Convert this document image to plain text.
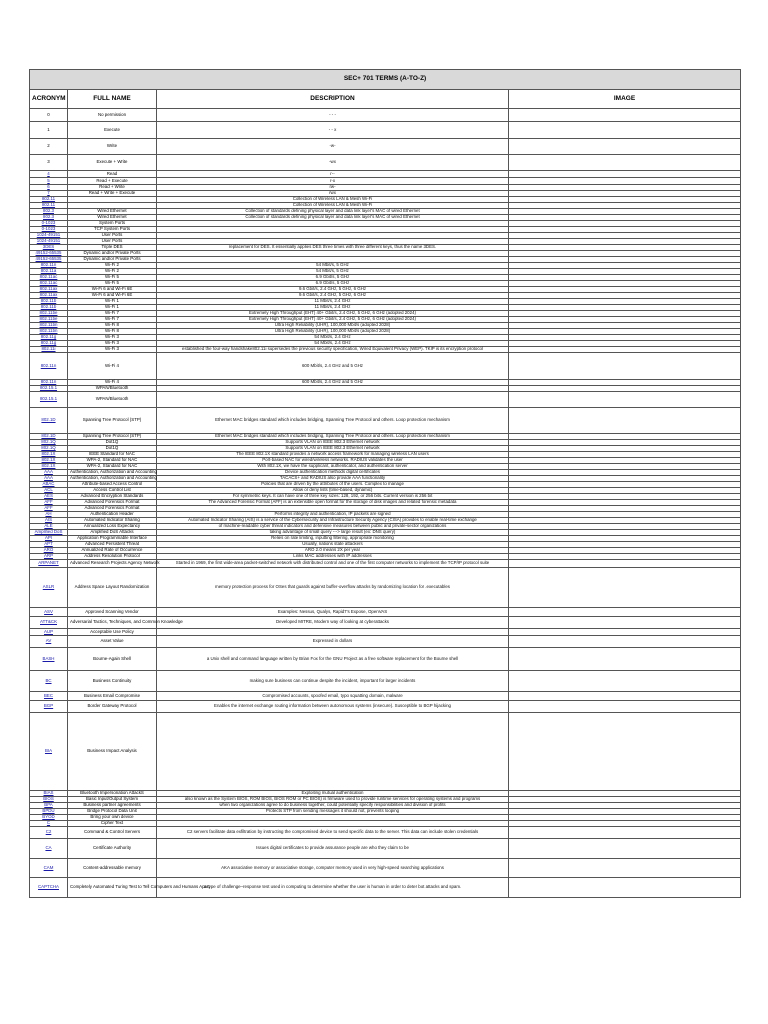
SEC+ 701 TERMS (A-TO-Z)			
ACRONYM	FULL NAME	DESCRIPTION	IMAGE
0	No permission	- - -	
1	Execute	- - x	
2	Write	-w-	
3	Execute + Write	-wx	
4	Read	r--	
5	Read + Execute	r-x	
6	Read + Write	rw-	
7	Read + Write + Execute	rwx	
802.11		Collection of Wireless LAN & Mesh Wi-Fi	
802.11		Collection of Wireless LAN & Mesh Wi-Fi	
802.3	Wired Ethernet	Collection of standards defining physical layer and data link layer's MAC of wired Ethernet	
802.3	Wired Ethernet	Collection of standards defining physical layer and data link layer's MAC of wired Ethernet	
0-1023	System Ports		
0-1023	TCP System Ports		
1024-49151	User Ports		
1024-49151	User Ports		
3DES	Triple DES	replacement for DES. It essentially applies DES three times with three different keys, thus the name 3DES.	
49152-65535	Dynamic and/or Private Ports		
49152-65535	Dynamic and/or Private Ports		
802.11n	Wi-Fi 2	54 Mbit/s, 5 GHz	
802.11a	Wi-Fi 2	54 Mbit/s, 5 GHz	
802.11ac	Wi-Fi 5	6.9 Gbit/s, 5 GHz	
802.11ac	Wi-Fi 5	6.9 Gbit/s, 5 GHz	
802.11ax	Wi-Fi 6 and Wi-Fi 6E	9.6 Gbit/s, 2.4 GHz, 5 GHz, 6 GHz	
802.11ax	Wi-Fi 6 and Wi-Fi 6E	9.6 Gbit/s, 2.4 GHz, 5 GHz, 6 GHz	
802.11b	Wi-Fi 1	11 Mbit/s, 2.4 GHz	
802.11b	Wi-Fi 1	11 Mbit/s, 2.4 GHz	
802.11be	Wi-Fi 7	Extremely High Throughput (EHT) 40+ Gbit/s, 2.4 GHz, 5 GHz, 6 GHz (adopted 2024)	
802.11be	Wi-Fi 7	Extremely High Throughput (EHT) 40+ Gbit/s, 2.4 GHz, 5 GHz, 6 GHz (adopted 2024)	
802.11bn	Wi-Fi 8	Ultra High Reliability (UHR), 100,000 Mbit/s (adopted 2028)	
802.11bn	Wi-Fi 8	Ultra High Reliability (UHR), 100,000 Mbit/s (adopted 2028)	
802.11g	Wi-Fi 3	54 Mbit/s, 2.4 GHz	
802.11g	Wi-Fi 3	54 Mbit/s, 2.4 GHz	
802.11i	Wi-Fi 3	established the four-way handshake802.11i supersedes the previous security specification, Wired Equivalent Privacy (WEP). TKIP is its encryption protocol	
802.11n	Wi-Fi 4	600 Mbit/s, 2.4 GHz and 5 GHz	
802.11n	Wi-Fi 4	600 Mbit/s, 2.4 GHz and 5 GHz	
802.15.1	WPAN/Bluetooth		
802.15.1	WPAN/Bluetooth		
802.1D	Spanning Tree Protocol (STP)	Ethernet MAC bridges standard which includes bridging, Spanning Tree Protocol and others. Loop protection mechanism	
802.1D	Spanning Tree Protocol (STP)	Ethernet MAC bridges standard which includes bridging, Spanning Tree Protocol and others. Loop protection mechanism	
802.1Q	Dot1Q	Supports VLAN on IEEE 802.3 Ethernet network	
802.1Q	Dot1Q	Supports VLAN on IEEE 802.3 Ethernet network	
802.1X	IEEE Standard for NAC	The IEEE 802.1X standard provides a network access framework for managing wireless LAN users	
802.1X	WPA-2, Standard for NAC	Port-based NAC for wired/wireless networks. RADIUS validates the user	
802.1X	WPA-2, Standard for NAC	With 802.1X, we have the supplicant, authenticator, and authentication server	
AAA	Authentication, Authorization and Accounting	Device authentication methods digital certificates	
AAA	Authentication, Authorization and Accounting	TACACS+ and RADIUS also provide AAA functionality	
ABAC	Attribute-based Access Control	Policies that are driven by the attributes of the users. Complex to manage	
ACL	Access Control List	Allow or deny lists (time-based, dynamic)	
AES	Advanced Encryption Standards	For symmetric keys. It can have one of three key sizes: 128, 192, or 256 bits. Current version is 256 bit	
AFF	Advanced Forensics Format	The Advanced Forensic Format (AFF) is an extensible open format for the storage of disk images and related forensic metadata	
AFF	Advanced Forensics Format		
AH	Authentication Header	Performs integrity and authentication, IP packets are signed	
AIS	Automated Indicator Sharing	Automated Indicator Sharing (AIS) is a service of the Cybersecurity and Infrastructure Security Agency (CISA) provides to enable real-time exchange	
ALE	Annualized Loss Expectancy	of machine-readable cyber threat indicators and defensive measures between public and private-sector organizations	
Amplified DoS	Amplified DoS Attacks	taking advantage of small query ---> large result (ex: DNS query)	
API	Application Programmable Interface	Relies on rate limiting, inputting filtering, appropriate monitoring	
APT	Advanced Persistent Threat	Usually, nations state attackers	
ARO	Annualized Rate of Occurrence	ARO 2.0 means 2X per year	
ARP	Address Resolution Protocol	Links MAC addresses with IP addresses	
ARPANET	Advanced Research Projects Agency Network	Started in 1969, the first wide-area packet-switched network with distributed control and one of the first computer networks to implement the TCP/IP protocol suite	
ASLR	Address Space Layout Randomization	memory protection process for OSes that guards against buffer-overflow attacks by randomizing location for .executables	
ASV	Approved Scanning Vendor	Examples: Nessus, Qualys, Rapid7's Expose, OpenVAS	
ATT&CK	Adversarial Tactics, Techniques, and Common Knowledge	Developed MITRE, Modern way of looking at cyberattacks	
AUP	Acceptable Use Policy		
AV	Asset Value	Expressed in dollars	
BASH	Bourne-Again Shell	a Unix shell and command language written by Brian Fox for the GNU Project as a free software replacement for the Bourne shell	
BC	Business Continuity	making sure business can continue despite the incident, important for larger incidents	
BEC	Business Email Compromise	Compromised accounts, spoofed email, typo squatting domain, malware	
BGP	Border Gateway Protocol	Enables the internet exchange routing information between autonomous systems (insecure). Susceptible to BGP hijacking	
BIA	Business Impact Analysis		
BIAS	Bluetooth Impersonation AttackS	Exploiting mutual authentication	
BIOS	Basic Input/Output System	also known as the System BIOS, ROM BIOS, BIOS ROM or PC BIOS) is firmware used to provide runtime services for operating systems and programs	
BPA	Business partner agreements	when two organizations agree to do business together, could potentially specify responsibilities and division of profits	
BPDU	Bridge Protocol Data Unit	Protects STP from sending messages it should not, prevents looping	
BYOD	Bring your own device		
C	Cipher Text		
C2	Command & Control Servers	C2 servers facilitate data exfiltration by instructing the compromised device to send specific data to the server. This data can include stolen credentials	
CA	Certificate Authority	Issues digital certificates to provide assurance people are who they claim to be	
CAM	Content-addressable memory	AKA associative memory or associative storage, computer memory used in very high-speed searching applications	
CAPTCHA	Completely Automated Turing Test to Tell Computers and Humans Apart	a type of challenge–response test used in computing to determine whether the user is human in order to deter bot attacks and spam.	
